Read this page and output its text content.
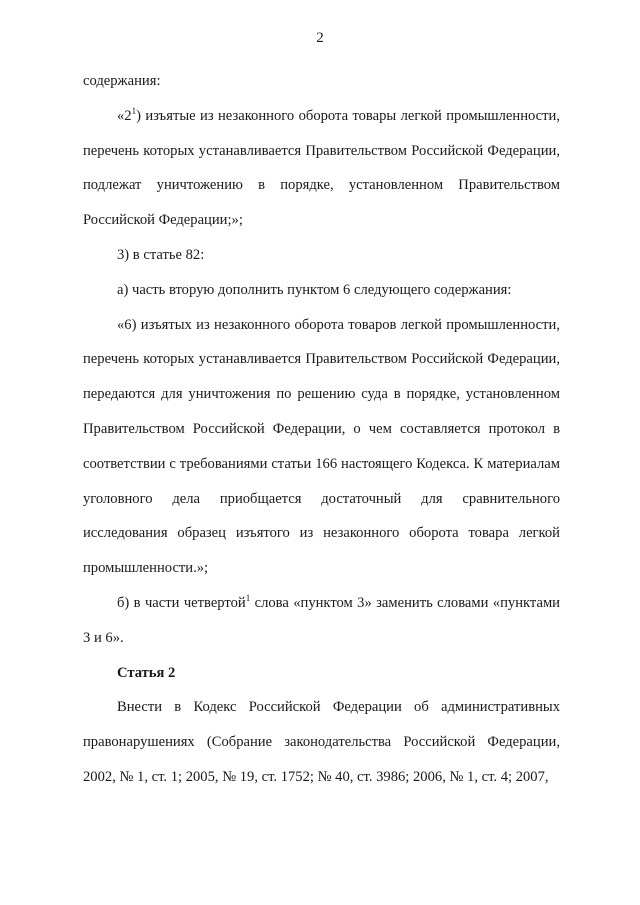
2

содержания:

«$2^1$) изъятые из незаконного оборота товары легкой промышленности, перечень которых устанавливается Правительством Российской Федерации, подлежат уничтожению в порядке, установленном Правительством Российской Федерации;»;

3) в статье 82:

а) часть вторую дополнить пунктом 6 следующего содержания:

«6) изъятых из незаконного оборота товаров легкой промышленности, перечень которых устанавливается Правительством Российской Федерации, передаются для уничтожения по решению суда в порядке, установленном Правительством Российской Федерации, о чем составляется протокол в соответствии с требованиями статьи 166 настоящего Кодекса. К материалам уголовного дела приобщается достаточный для сравнительного исследования образец изъятого из незаконного оборота товара легкой промышленности.»;

б) в части четвертой$^1$ слова «пунктом 3» заменить словами «пунктами 3 и 6».

Статья 2

Внести в Кодекс Российской Федерации об административных правонарушениях (Собрание законодательства Российской Федерации, 2002, № 1, ст. 1; 2005, № 19, ст. 1752; № 40, ст. 3986; 2006, № 1, ст. 4; 2007,
